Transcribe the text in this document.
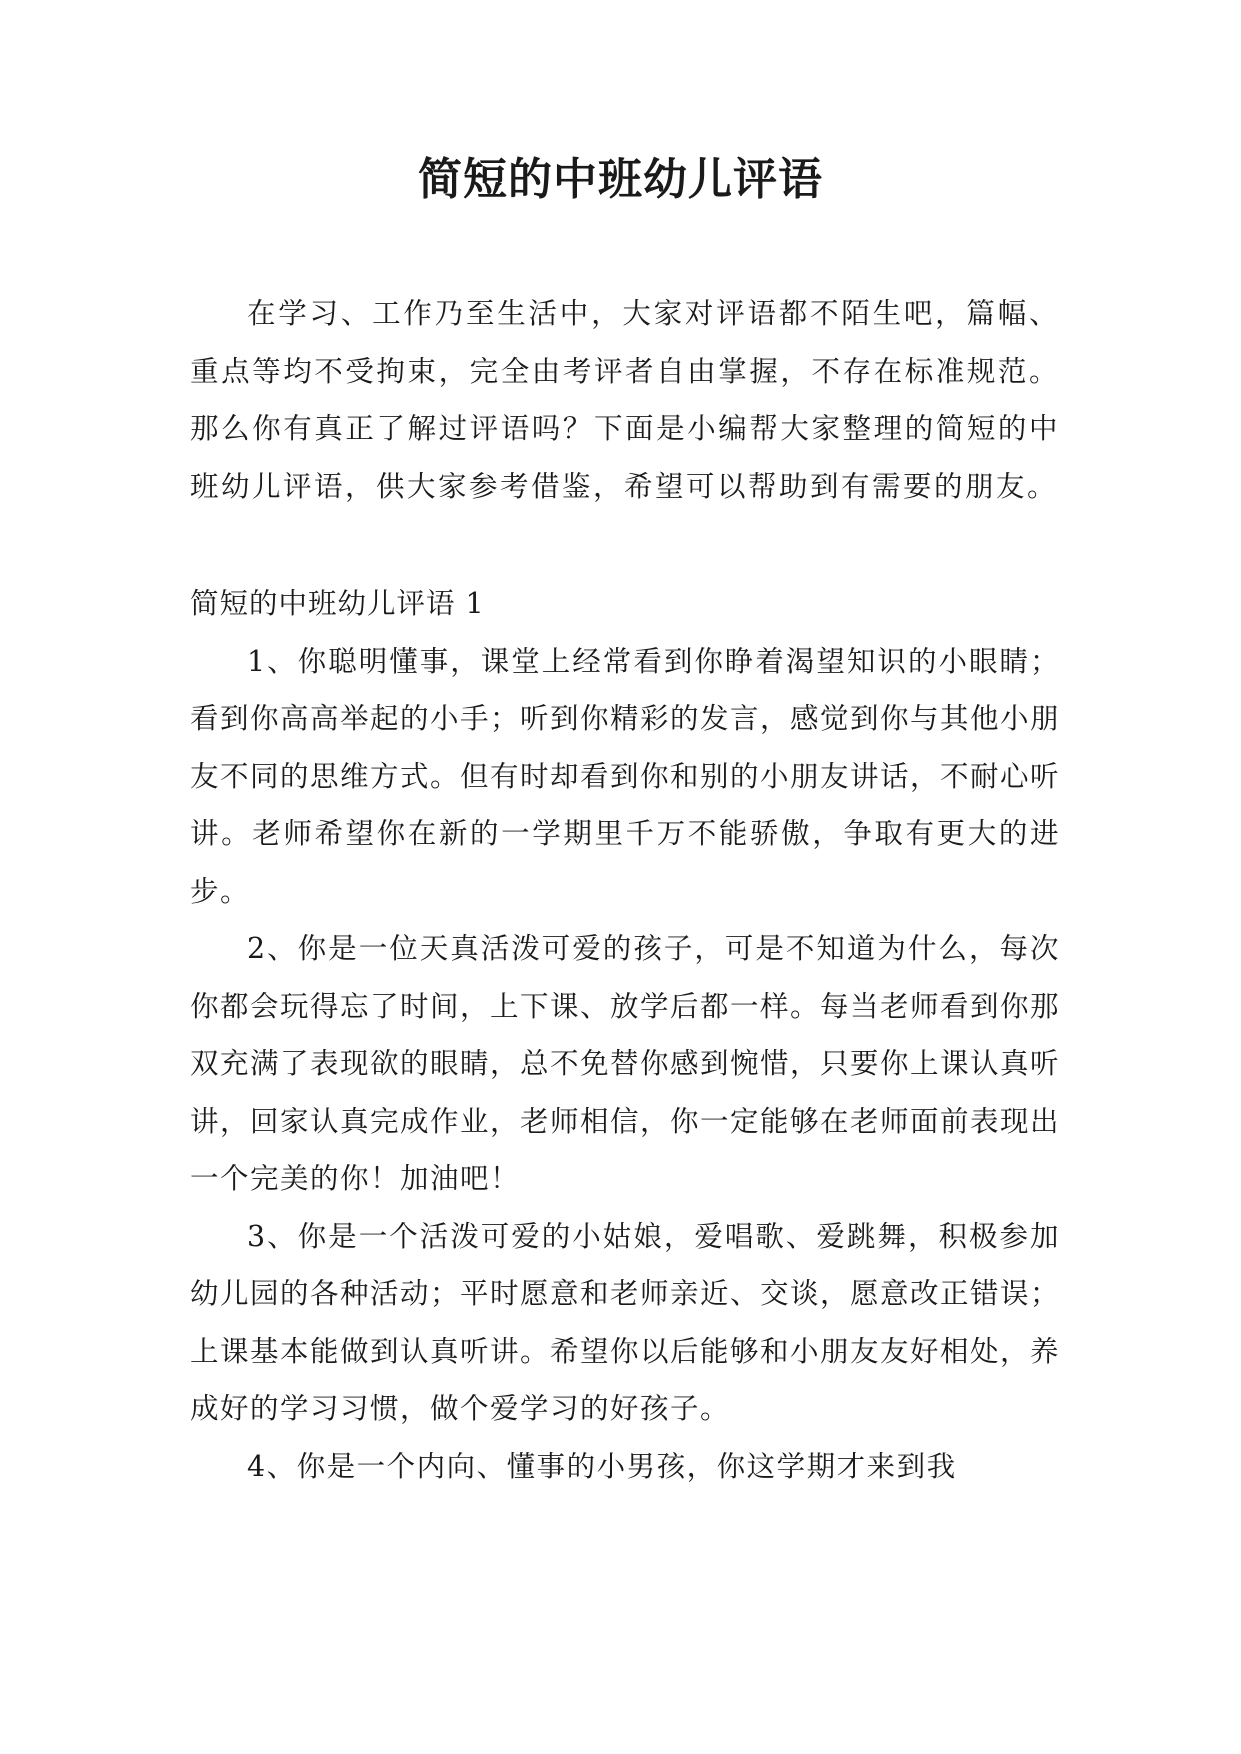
简短的中班幼儿评语

在学习、工作乃至生活中，大家对评语都不陌生吧，篇幅、重点等均不受拘束，完全由考评者自由掌握，不存在标准规范。那么你有真正了解过评语吗？下面是小编帮大家整理的简短的中班幼儿评语，供大家参考借鉴，希望可以帮助到有需要的朋友。

简短的中班幼儿评语 1

1、你聪明懂事，课堂上经常看到你睁着渴望知识的小眼睛；看到你高高举起的小手；听到你精彩的发言，感觉到你与其他小朋友不同的思维方式。但有时却看到你和别的小朋友讲话，不耐心听讲。老师希望你在新的一学期里千万不能骄傲，争取有更大的进步。

2、你是一位天真活泼可爱的孩子，可是不知道为什么，每次你都会玩得忘了时间，上下课、放学后都一样。每当老师看到你那双充满了表现欲的眼睛，总不免替你感到惋惜，只要你上课认真听讲，回家认真完成作业，老师相信，你一定能够在老师面前表现出一个完美的你！加油吧！

3、你是一个活泼可爱的小姑娘，爱唱歌、爱跳舞，积极参加幼儿园的各种活动；平时愿意和老师亲近、交谈，愿意改正错误；上课基本能做到认真听讲。希望你以后能够和小朋友友好相处，养成好的学习习惯，做个爱学习的好孩子。

4、你是一个内向、懂事的小男孩，你这学期才来到我
